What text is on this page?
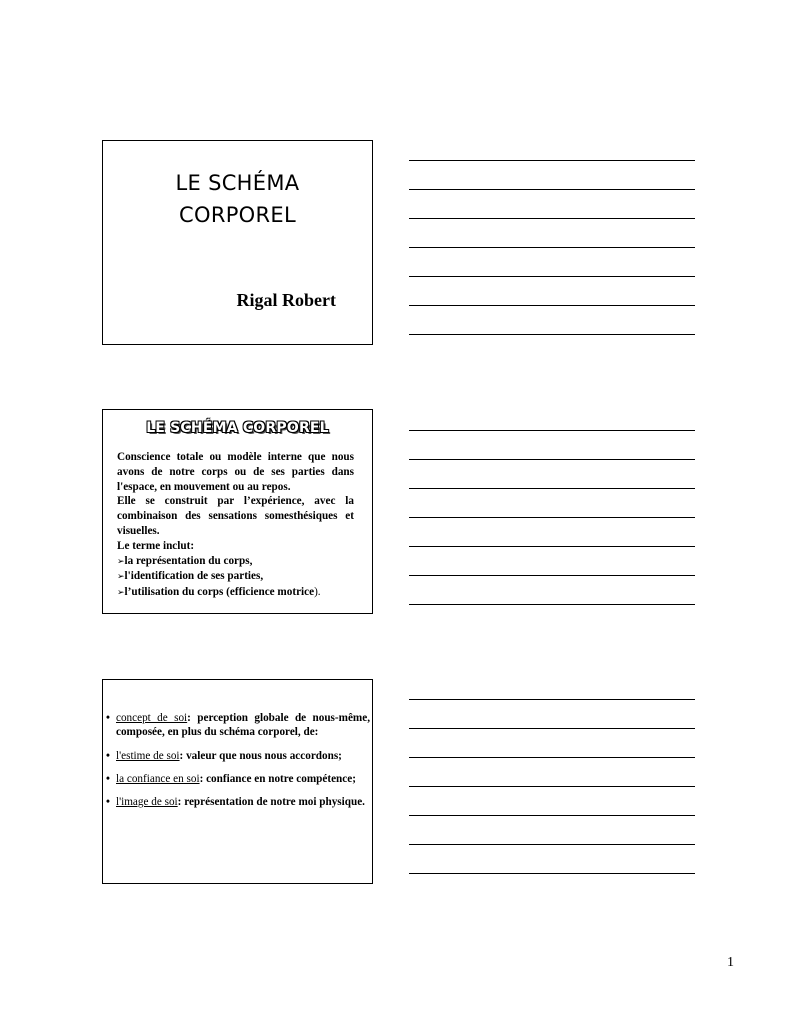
LE SCHÉMA
CORPOREL
Rigal Robert
LE SCHÉMA CORPOREL

Conscience totale ou modèle interne que nous avons de notre corps ou de ses parties dans l'espace, en mouvement ou au repos.

Elle se construit par l’expérience, avec la combinaison des sensations somesthésiques et visuelles.

Le terme inclut:

➢la représentation du corps,

➢l'identification de ses parties,

➢l’utilisation du corps (efficience motrice).

• concept de soi: perception globale de nous-même, composée, en plus du schéma corporel, de:
• l'estime de soi: valeur que nous nous accordons;
• la confiance en soi: confiance en notre compétence;
• l'image de soi: représentation de notre moi physique.
1
